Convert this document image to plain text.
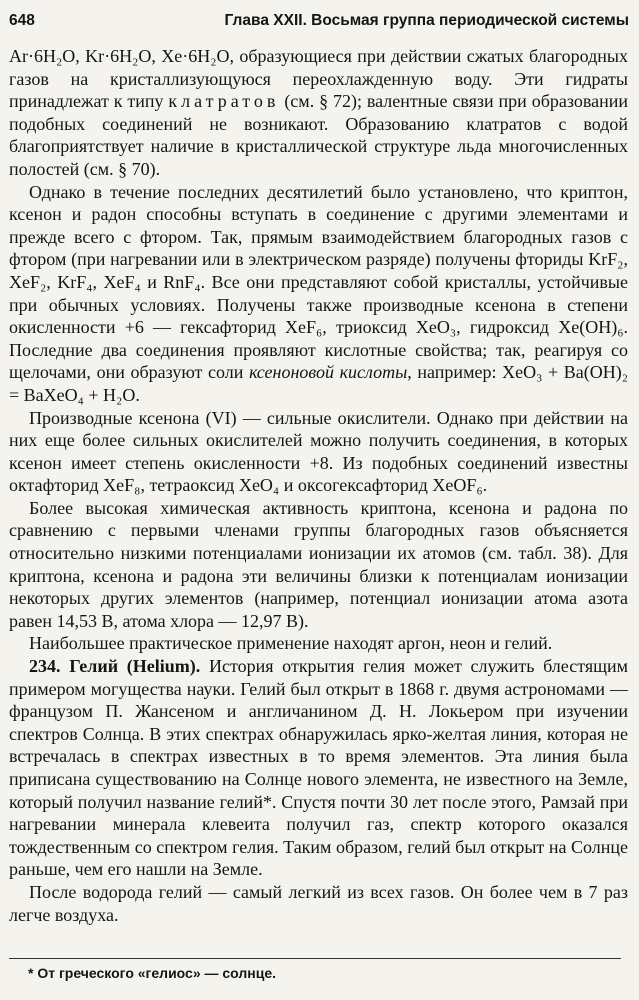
648	Глава XXII. Восьмая группа периодической системы

Ar·6H₂O, Kr·6H₂O, Xe·6H₂O, образующиеся при действии сжатых благородных газов на кристаллизующуюся переохлажденную воду. Эти гидраты принадлежат к типу клатратов (см. § 72); валентные связи при образовании подобных соединений не возникают. Образованию клатратов с водой благоприятствует наличие в кристаллической структуре льда многочисленных полостей (см. § 70).

Однако в течение последних десятилетий было установлено, что криптон, ксенон и радон способны вступать в соединение с другими элементами и прежде всего с фтором. Так, прямым взаимодействием благородных газов с фтором (при нагревании или в электрическом разряде) получены фториды KrF₂, XeF₂, KrF₄, XeF₄ и RnF₄. Все они представляют собой кристаллы, устойчивые при обычных условиях. Получены также производные ксенона в степени окисленности +6 — гексафторид XeF₆, триоксид XeO₃, гидроксид Xe(OH)₆. Последние два соединения проявляют кислотные свойства; так, реагируя со щелочами, они образуют соли ксеноновой кислоты, например: XeO₃ + Ba(OH)₂ = BaXeO₄ + H₂O.

Производные ксенона (VI) — сильные окислители. Однако при действии на них еще более сильных окислителей можно получить соединения, в которых ксенон имеет степень окисленности +8. Из подобных соединений известны октафторид XeF₈, тетраоксид XeO₄ и оксогексафторид XeOF₆.

Более высокая химическая активность криптона, ксенона и радона по сравнению с первыми членами группы благородных газов объясняется относительно низкими потенциалами ионизации их атомов (см. табл. 38). Для криптона, ксенона и радона эти величины близки к потенциалам ионизации некоторых других элементов (например, потенциал ионизации атома азота равен 14,53 В, атома хлора — 12,97 В).

Наибольшее практическое применение находят аргон, неон и гелий.

234. Гелий (Helium). История открытия гелия может служить блестящим примером могущества науки. Гелий был открыт в 1868 г. двумя астрономами — французом П. Жансеном и англичанином Д. Н. Локьером при изучении спектров Солнца. В этих спектрах обнаружилась ярко-желтая линия, которая не встречалась в спектрах известных в то время элементов. Эта линия была приписана существованию на Солнце нового элемента, не известного на Земле, который получил название гелий*. Спустя почти 30 лет после этого, Рамзай при нагревании минерала клевеита получил газ, спектр которого оказался тождественным со спектром гелия. Таким образом, гелий был открыт на Солнце раньше, чем его нашли на Земле.

После водорода гелий — самый легкий из всех газов. Он более чем в 7 раз легче воздуха.

* От греческого «гелиос» — солнце.
